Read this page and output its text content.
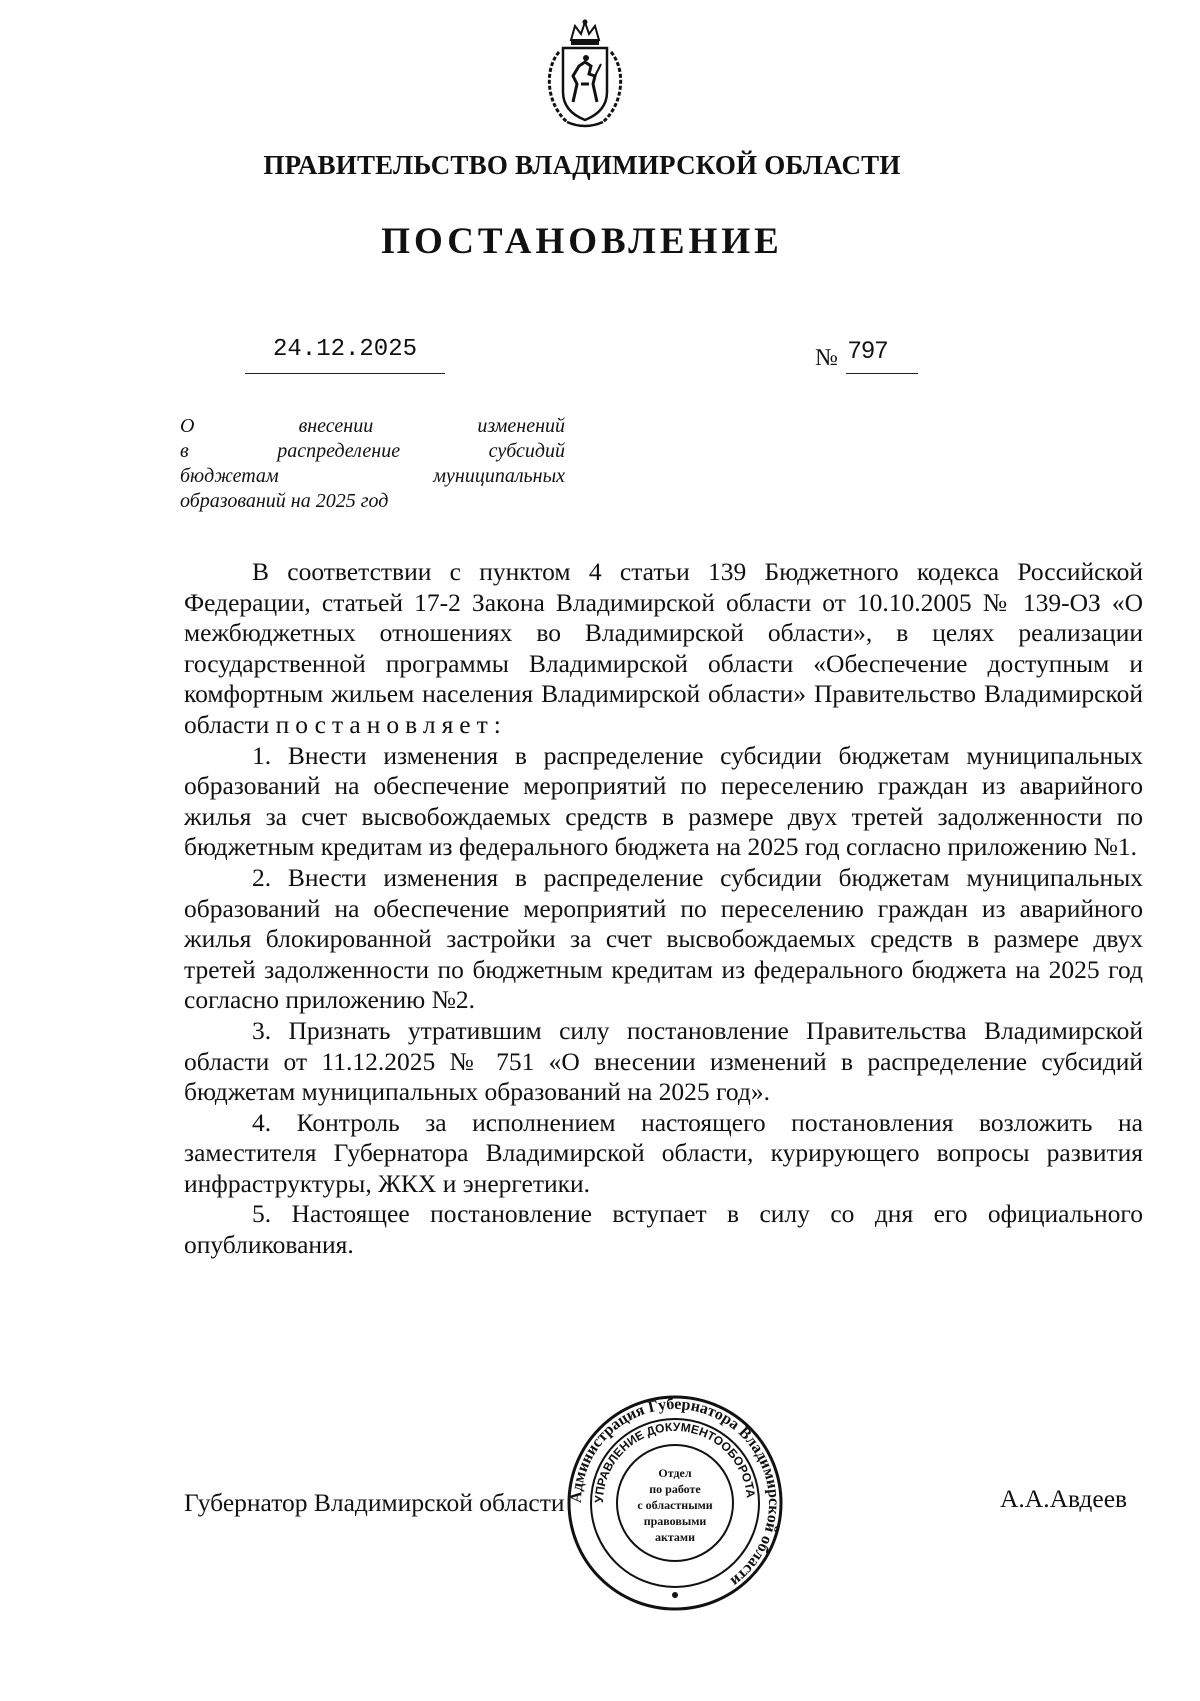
ПРАВИТЕЛЬСТВО ВЛАДИМИРСКОЙ ОБЛАСТИ
ПОСТАНОВЛЕНИЕ
24.12.2025	№ 797
О внесении изменений
в распределение субсидий
бюджетам муниципальных
образований на 2025 год

В соответствии с пунктом 4 статьи 139 Бюджетного кодекса Российской Федерации, статьей 17-2 Закона Владимирской области от 10.10.2005 № 139-ОЗ «О межбюджетных отношениях во Владимирской области», в целях реализации государственной программы Владимирской области «Обеспечение доступным и комфортным жильем населения Владимирской области» Правительство Владимирской области постановляет:

1. Внести изменения в распределение субсидии бюджетам муниципальных образований на обеспечение мероприятий по переселению граждан из аварийного жилья за счет высвобождаемых средств в размере двух третей задолженности по бюджетным кредитам из федерального бюджета на 2025 год согласно приложению №1.

2. Внести изменения в распределение субсидии бюджетам муниципальных образований на обеспечение мероприятий по переселению граждан из аварийного жилья блокированной застройки за счет высвобождаемых средств в размере двух третей задолженности по бюджетным кредитам из федерального бюджета на 2025 год согласно приложению №2.

3. Признать утратившим силу постановление Правительства Владимирской области от 11.12.2025 № 751 «О внесении изменений в распределение субсидий бюджетам муниципальных образований на 2025 год».

4. Контроль за исполнением настоящего постановления возложить на заместителя Губернатора Владимирской области, курирующего вопросы развития инфраструктуры, ЖКХ и энергетики.

5. Настоящее постановление вступает в силу со дня его официального опубликования.

Губернатор Владимирской области	А.А.Авдеев
Администрация Губернатора Владимирской области
УПРАВЛЕНИЕ ДОКУМЕНТООБОРОТА
Отдел
по работе
с областными
правовыми
актами
